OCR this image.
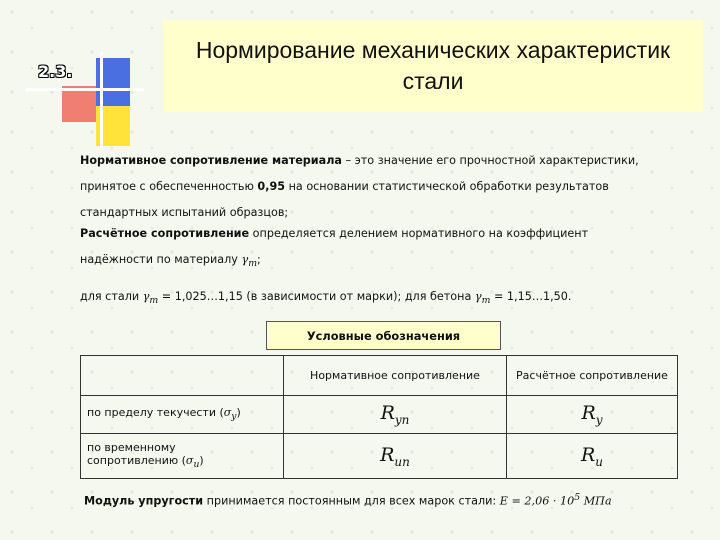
2.3.
Нормирование механических характеристик стали
Нормативное сопротивление материала – это значение его прочностной характеристики, принятое с обеспеченностью 0,95 на основании статистической обработки результатов стандартных испытаний образцов;
Расчётное сопротивление определяется делением нормативного на коэффициент надёжности по материалу $\gamma_m$;
для стали $\gamma_m$ = 1,025…1,15 (в зависимости от марки); для бетона $\gamma_m$ = 1,15…1,50.
Условные обозначения
	Нормативное сопротивление	Расчётное сопротивление
по пределу текучести $(\sigma_y)$	$R_{yn}$	$R_y$
по временному
сопротивлению $(\sigma_u)$	$R_{un}$	$R_u$
Модуль упругости принимается постоянным для всех марок стали: $E = 2,06 \cdot 10^5$ МПа
